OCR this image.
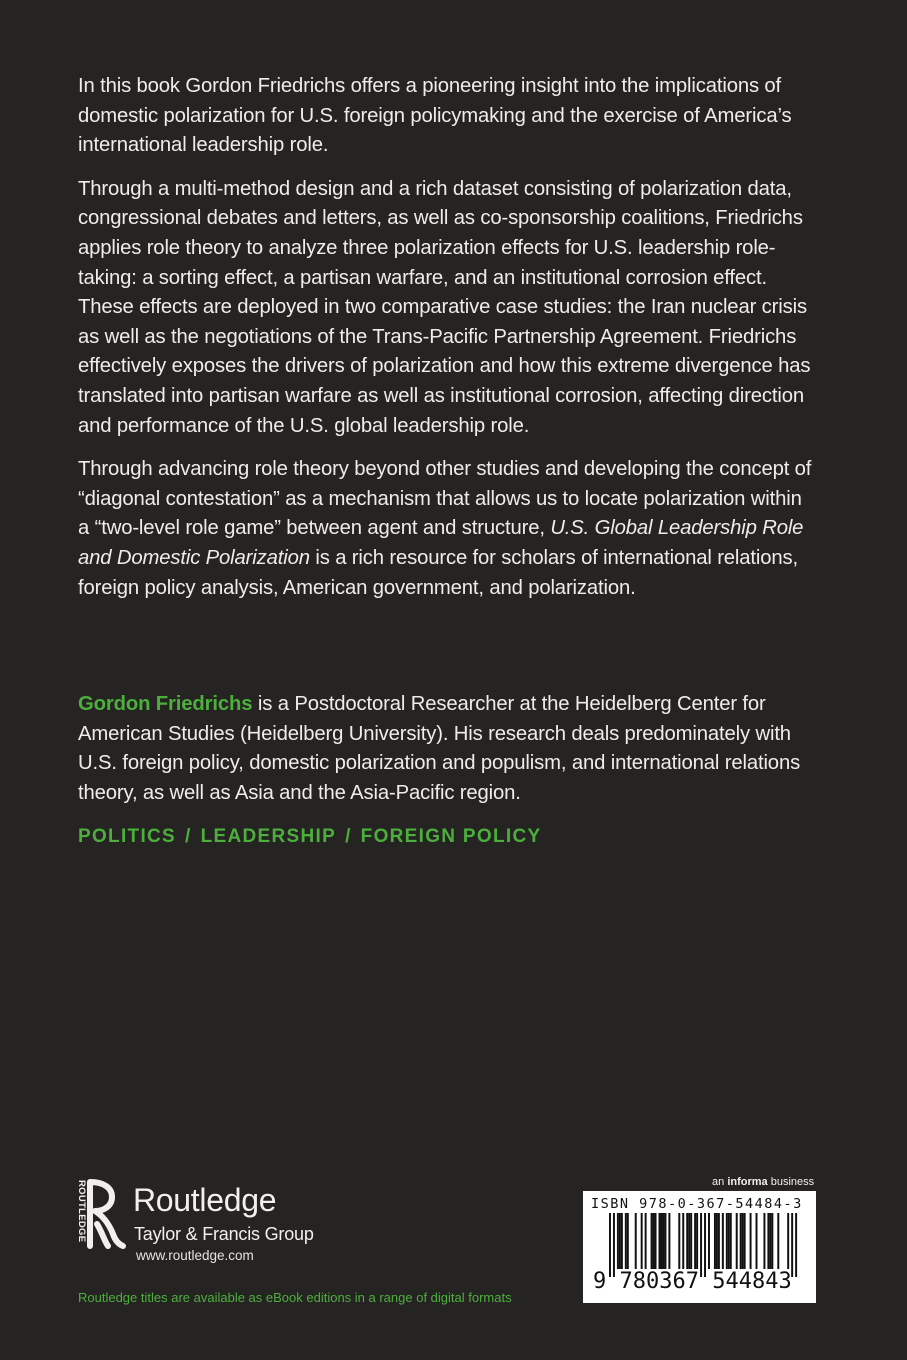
In this book Gordon Friedrichs offers a pioneering insight into the implications of domestic polarization for U.S. foreign policymaking and the exercise of America’s international leadership role.

Through a multi-method design and a rich dataset consisting of polarization data, congressional debates and letters, as well as co-sponsorship coalitions, Friedrichs applies role theory to analyze three polarization effects for U.S. leadership role-taking: a sorting effect, a partisan warfare, and an institutional corrosion effect. These effects are deployed in two comparative case studies: the Iran nuclear crisis as well as the negotiations of the Trans-Pacific Partnership Agreement. Friedrichs effectively exposes the drivers of polarization and how this extreme divergence has translated into partisan warfare as well as institutional corrosion, affecting direction and performance of the U.S. global leadership role.

Through advancing role theory beyond other studies and developing the concept of “diagonal contestation” as a mechanism that allows us to locate polarization within a “two-level role game” between agent and structure, U.S. Global Leadership Role and Domestic Polarization is a rich resource for scholars of international relations, foreign policy analysis, American government, and polarization.

Gordon Friedrichs is a Postdoctoral Researcher at the Heidelberg Center for American Studies (Heidelberg University). His research deals predominately with U.S. foreign policy, domestic polarization and populism, and international relations theory, as well as Asia and the Asia-Pacific region.

POLITICS / LEADERSHIP / FOREIGN POLICY
ROUTLEDGE Routledge
Taylor & Francis Group
www.routledge.com
an informa business
ISBN 978-0-367-54484-3
9  780367  544843
Routledge titles are available as eBook editions in a range of digital formats
